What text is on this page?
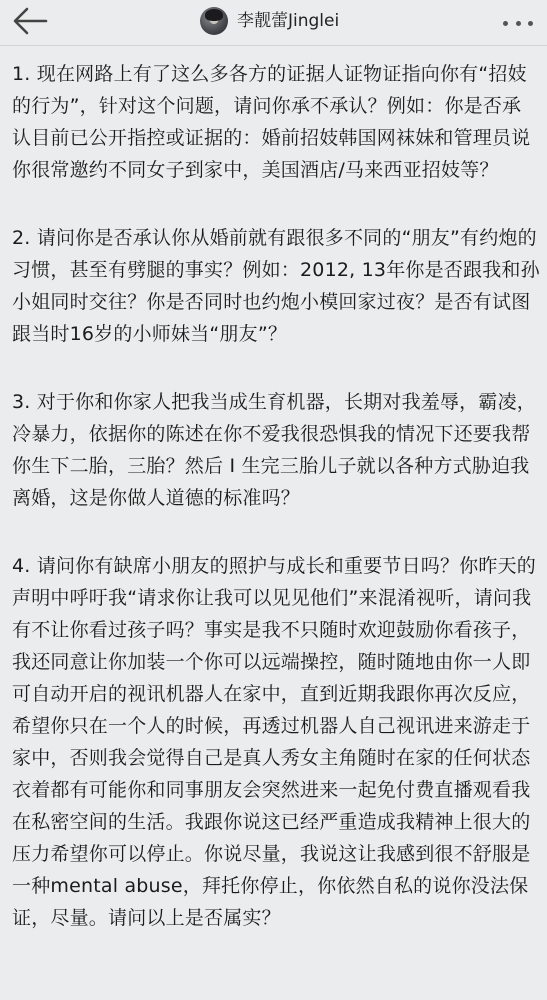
李靓蕾Jinglei

1. 现在网路上有了这么多各方的证据人证物证指向你有“招妓的行为”，针对这个问题，请问你承不承认？例如：你是否承认目前已公开指控或证据的：婚前招妓韩国网袜妹和管理员说你很常邀约不同女子到家中，美国酒店/马来西亚招妓等？

2. 请问你是否承认你从婚前就有跟很多不同的“朋友”有约炮的习惯，甚至有劈腿的事实？例如：2012, 13年你是否跟我和孙小姐同时交往？你是否同时也约炮小模回家过夜？是否有试图跟当时16岁的小师妹当“朋友”？

3. 对于你和你家人把我当成生育机器，长期对我羞辱，霸凌，冷暴力，依据你的陈述在你不爱我很恐惧我的情况下还要我帮你生下二胎，三胎？然后 I 生完三胎儿子就以各种方式胁迫我离婚，这是你做人道德的标准吗？

4. 请问你有缺席小朋友的照护与成长和重要节日吗？你昨天的声明中呼吁我“请求你让我可以见见他们”来混淆视听，请问我有不让你看过孩子吗？事实是我不只随时欢迎鼓励你看孩子，我还同意让你加装一个你可以远端操控，随时随地由你一人即可自动开启的视讯机器人在家中，直到近期我跟你再次反应，希望你只在一个人的时候，再透过机器人自己视讯进来游走于家中，否则我会觉得自己是真人秀女主角随时在家的任何状态衣着都有可能你和同事朋友会突然进来一起免付费直播观看我在私密空间的生活。我跟你说这已经严重造成我精神上很大的压力希望你可以停止。你说尽量，我说这让我感到很不舒服是一种mental abuse，拜托你停止，你依然自私的说你没法保证，尽量。请问以上是否属实？
